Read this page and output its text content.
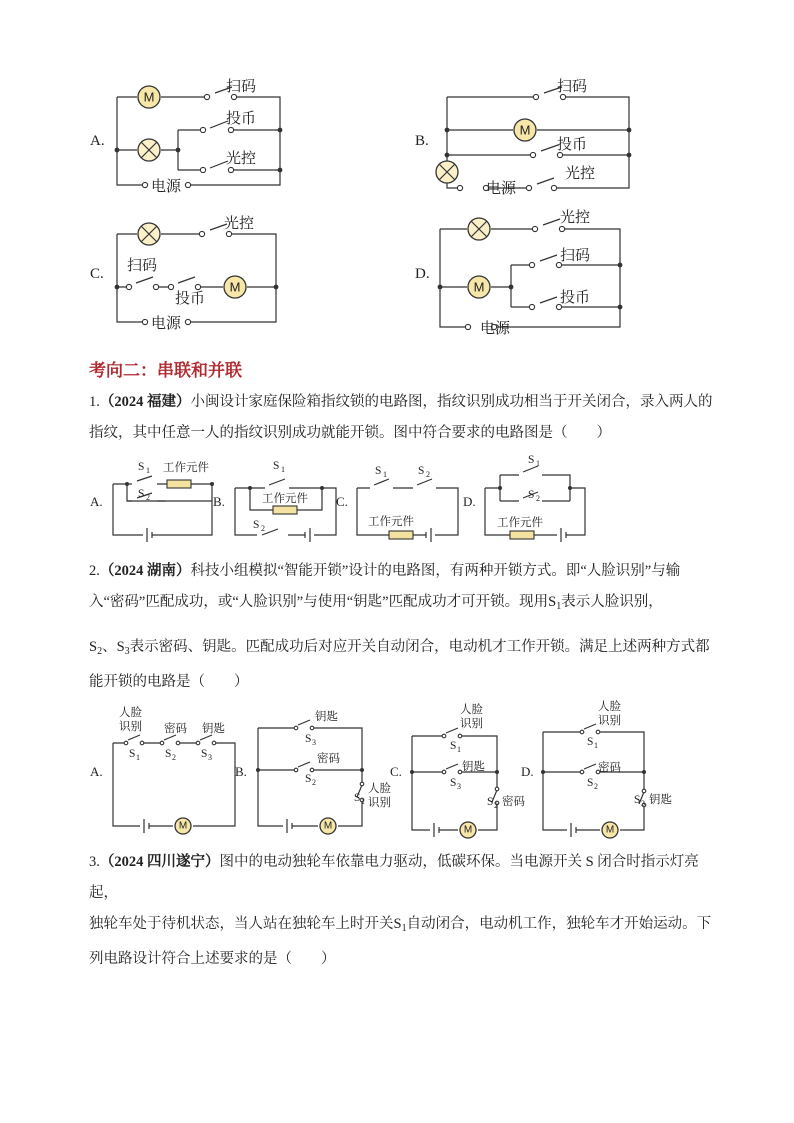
A.
M
扫码
投币
光控
电源
B.
M
扫码
投币
光控
电源
C.
M
光控
扫码
投币
电源
D.
M
光控
扫码
投币
电源
考向二：串联和并联
1.（2024 福建）小闽设计家庭保险箱指纹锁的电路图，指纹识别成功相当于开关闭合，录入两人的
指纹，其中任意一人的指纹识别成功就能开锁。图中符合要求的电路图是（　　）
A.
S 1 工作元件
S 2	B.
S 1
工作元件
S 2
C.
S 1	S 2
工作元件
D.
S 1
S 2
工作元件
2.（2024 湖南）科技小组模拟“智能开锁”设计的电路图，有两种开锁方式。即“人脸识别”与输
入“密码”匹配成功，或“人脸识别”与使用“钥匙”匹配成功才可开锁。现用$S_1$表示人脸识别，
$S_2$、$S_3$表示密码、钥匙。匹配成功后对应开关自动闭合，电动机才工作开锁。满足上述两种方式都
能开锁的电路是（　　）
A.
M
人脸
识别 密码 钥匙
S 1 S 2 S 3
B.
M
钥匙
S 3
密码
S 2
人脸
识别
S 1
C.
M
人脸
识别
S 1
钥匙
S 3
S 2 密码
D.
M
人脸
识别
S 1
密码
S 2
S 3 钥匙
3.（2024 四川遂宁）图中的电动独轮车依靠电力驱动，低碳环保。当电源开关 S 闭合时指示灯亮起，
独轮车处于待机状态，当人站在独轮车上时开关$S_1$自动闭合，电动机工作，独轮车才开始运动。下
列电路设计符合上述要求的是（　　）
